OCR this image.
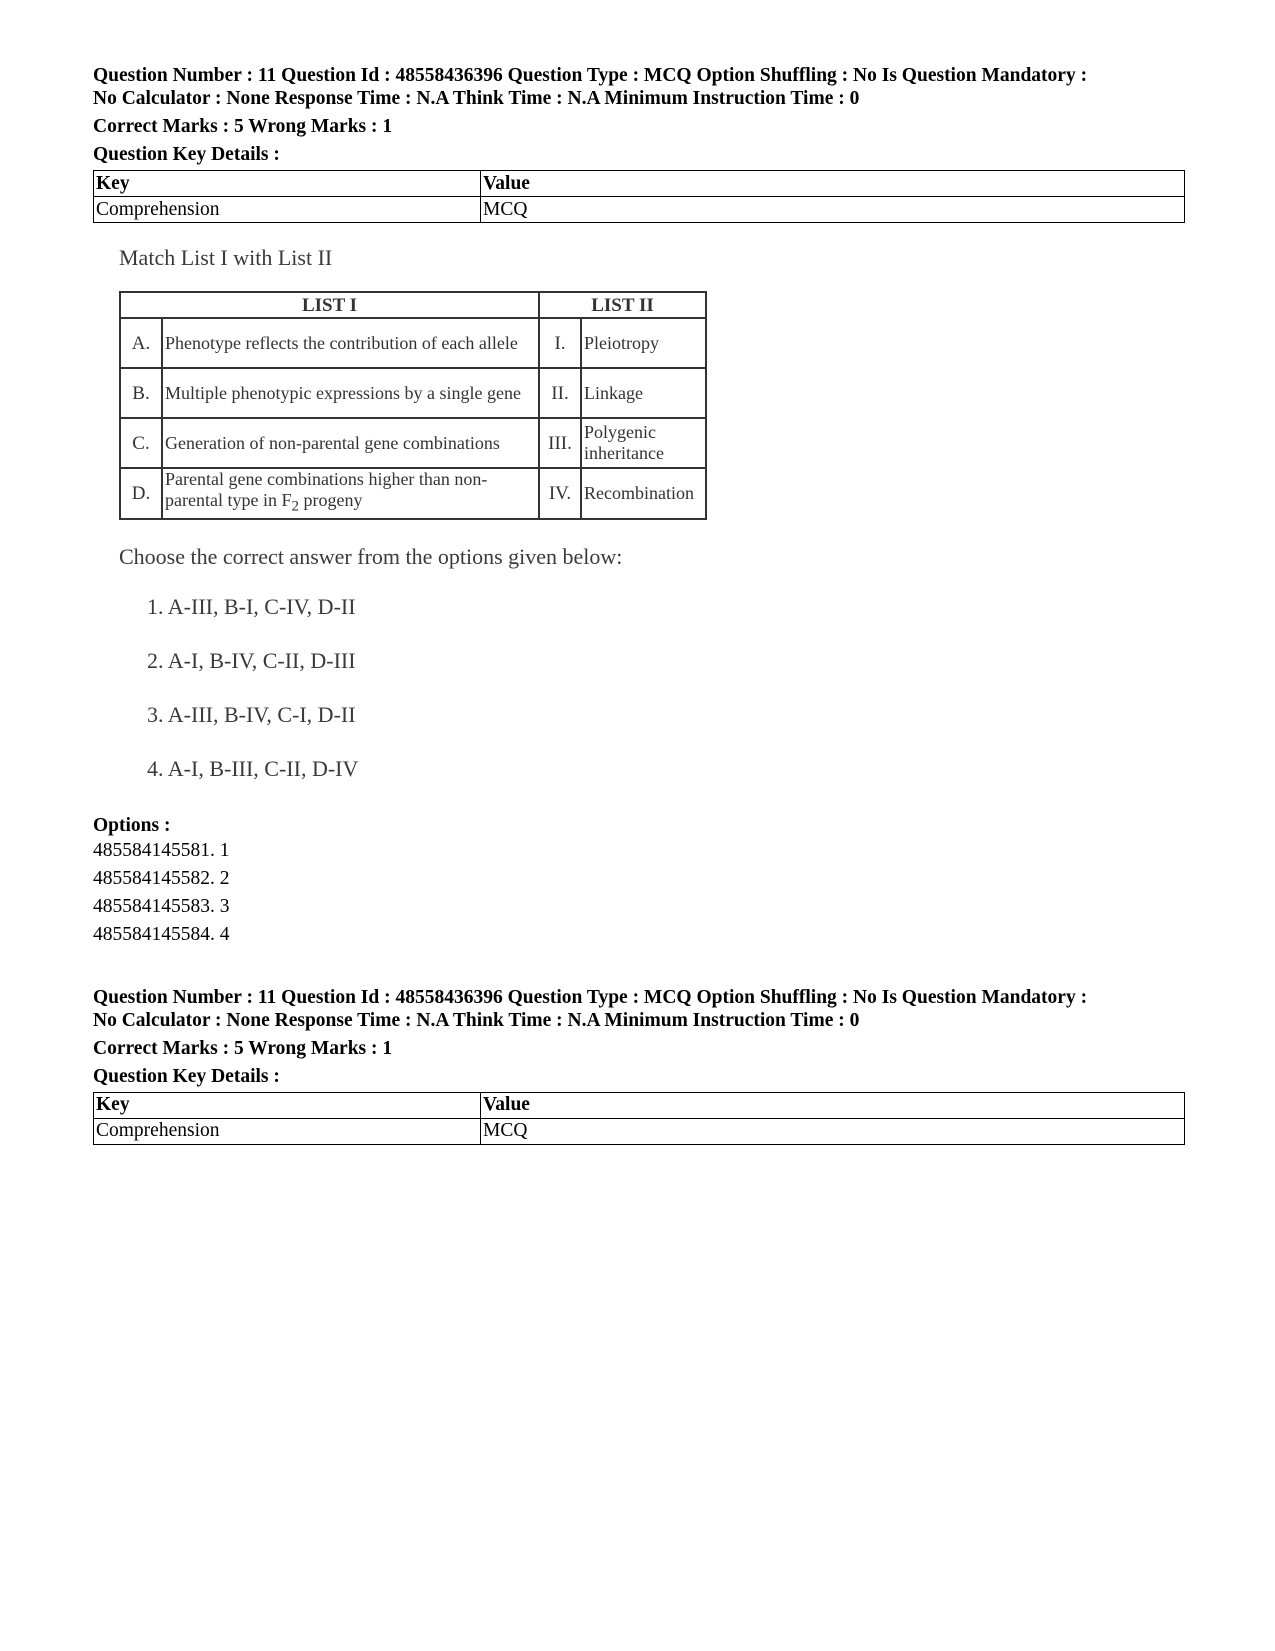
Question Number : 11 Question Id : 48558436396 Question Type : MCQ Option Shuffling : No Is Question Mandatory :

No Calculator : None Response Time : N.A Think Time : N.A Minimum Instruction Time : 0

Correct Marks : 5 Wrong Marks : 1
Question Key Details :
Key	Value
Comprehension	MCQ
Match List I with List II
LIST I		LIST II	
A.	Phenotype reflects the contribution of each allele	I.	Pleiotropy
B.	Multiple phenotypic expressions by a single gene	II.	Linkage
C.	Generation of non-parental gene combinations	III.	Polygenic inheritance
D.	Parental gene combinations higher than non-parental type in $F_2$ progeny	IV.	Recombination
Choose the correct answer from the options given below:
1. A-III, B-I, C-IV, D-II
2. A-I, B-IV, C-II, D-III
3. A-III, B-IV, C-I, D-II
4. A-I, B-III, C-II, D-IV
Options :
485584145581. 1
485584145582. 2
485584145583. 3
485584145584. 4

Question Number : 11 Question Id : 48558436396 Question Type : MCQ Option Shuffling : No Is Question Mandatory :

No Calculator : None Response Time : N.A Think Time : N.A Minimum Instruction Time : 0

Correct Marks : 5 Wrong Marks : 1
Question Key Details :
Key	Value
Comprehension	MCQ
